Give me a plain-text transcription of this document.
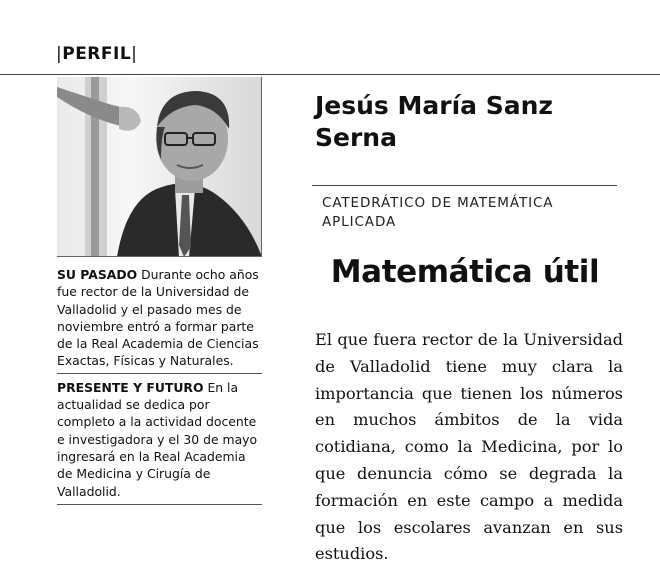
|PERFIL|

SU PASADO Durante ocho años fue rector de la Universidad de Valladolid y el pasado mes de noviembre entró a formar parte de la Real Academia de Ciencias Exactas, Físicas y Naturales.

PRESENTE Y FUTURO En la actualidad se dedica por completo a la actividad docente e investigadora y el 30 de mayo ingresará en la Real Academia de Medicina y Cirugía de Valladolid.

Jesús María Sanz Serna
CATEDRÁTICO DE MATEMÁTICA APLICADA
Matemática útil
El que fuera rector de la Universidad de Valladolid tiene muy clara la importancia que tienen los números en muchos ámbitos de la vida cotidiana, como la Medicina, por lo que denuncia cómo se degrada la formación en este campo a medida que los escolares avanzan en sus estudios.
